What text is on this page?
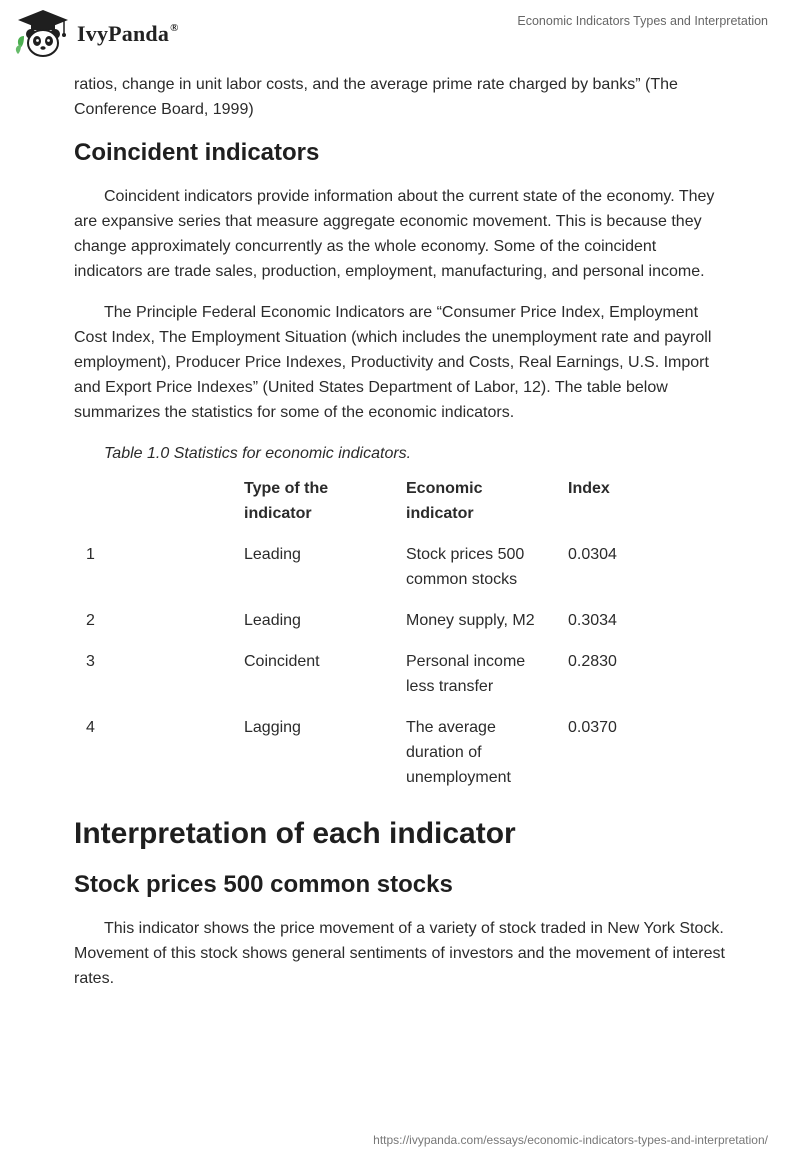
IvyPanda®	Economic Indicators Types and Interpretation

ratios, change in unit labor costs, and the average prime rate charged by banks” (The Conference Board, 1999)

Coincident indicators

Coincident indicators provide information about the current state of the economy. They are expansive series that measure aggregate economic movement. This is because they change approximately concurrently as the whole economy. Some of the coincident indicators are trade sales, production, employment, manufacturing, and personal income.

The Principle Federal Economic Indicators are “Consumer Price Index, Employment Cost Index, The Employment Situation (which includes the unemployment rate and payroll employment), Producer Price Indexes, Productivity and Costs, Real Earnings, U.S. Import and Export Price Indexes” (United States Department of Labor, 12). The table below summarizes the statistics for some of the economic indicators.

Table 1.0 Statistics for economic indicators.
	Type of the indicator	Economic indicator	Index
1	Leading	Stock prices 500 common stocks	0.0304
2	Leading	Money supply, M2	0.3034
3	Coincident	Personal income less transfer	0.2830
4	Lagging	The average duration of unemployment	0.0370
Interpretation of each indicator
Stock prices 500 common stocks

This indicator shows the price movement of a variety of stock traded in New York Stock. Movement of this stock shows general sentiments of investors and the movement of interest rates.

https://ivypanda.com/essays/economic-indicators-types-and-interpretation/
